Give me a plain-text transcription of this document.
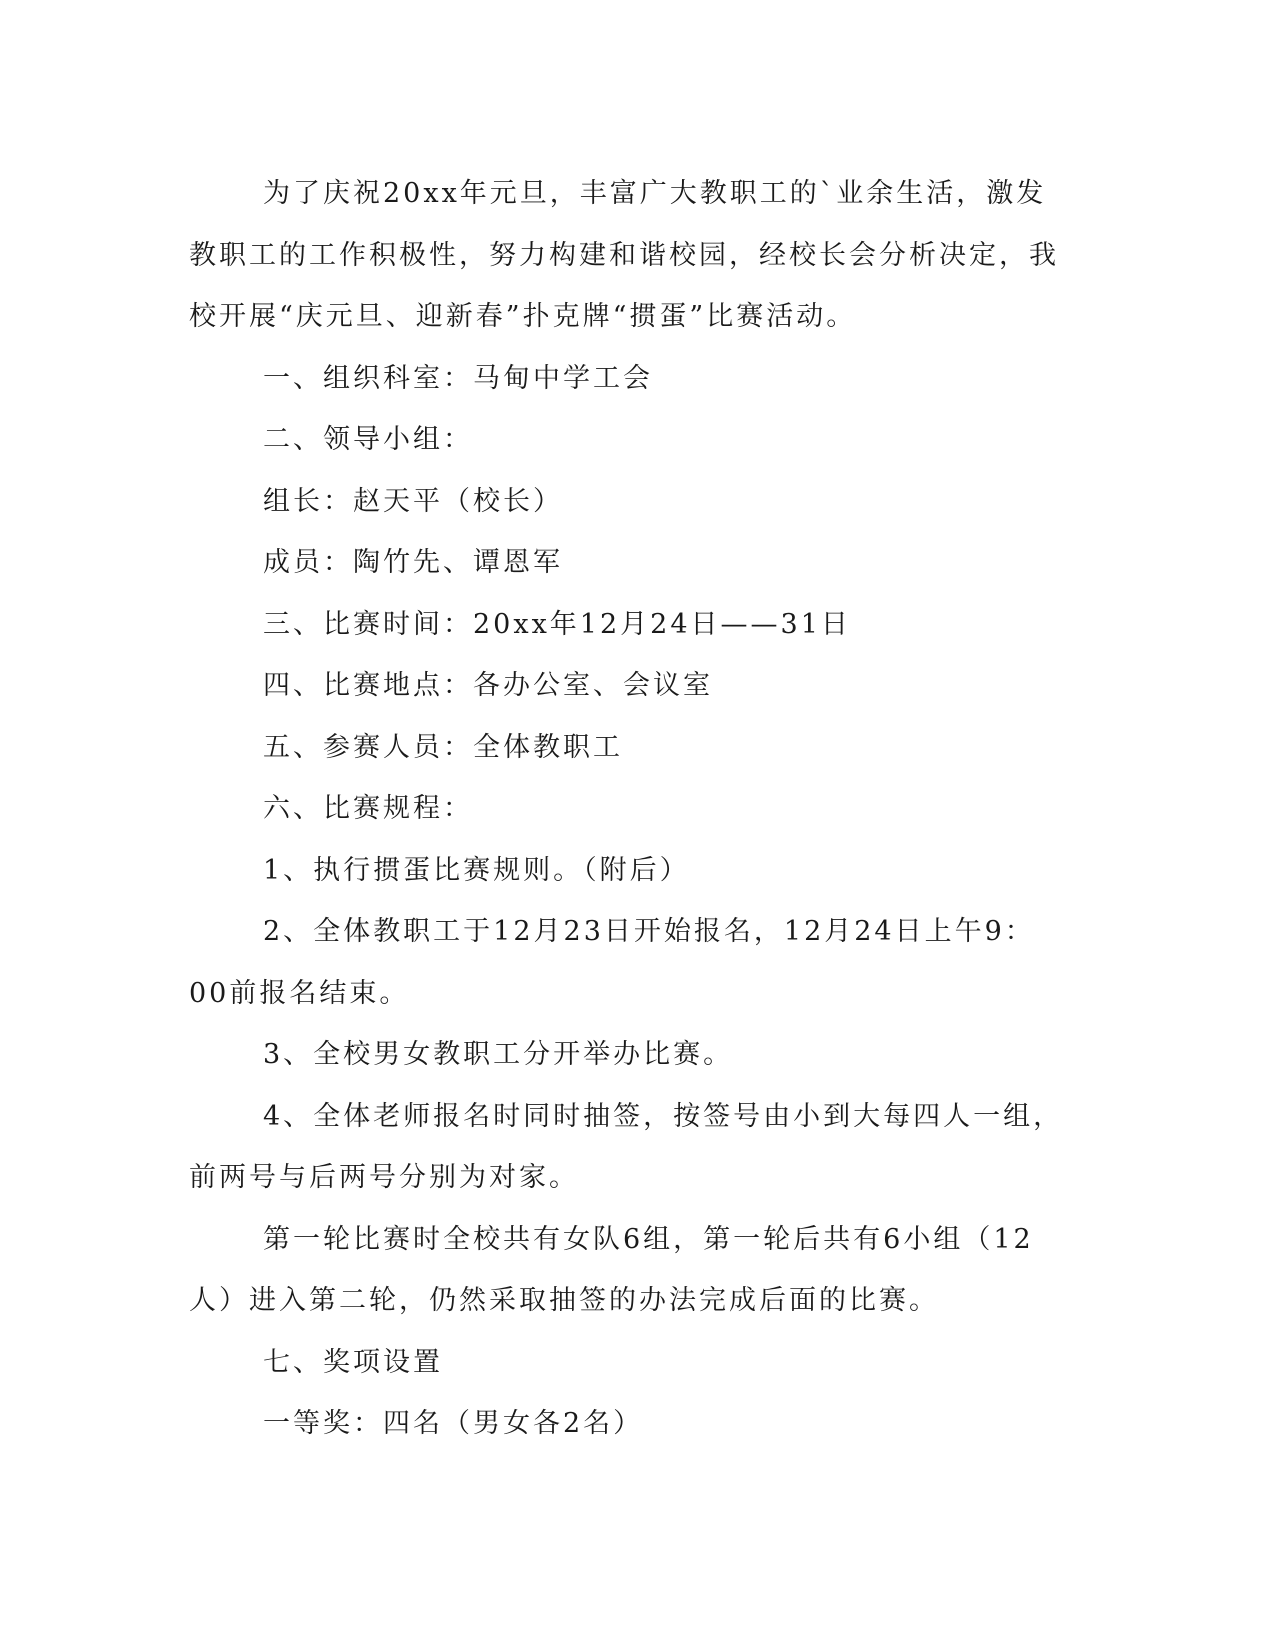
为了庆祝20xx年元旦，丰富广大教职工的`业余生活，激发教职工的工作积极性，努力构建和谐校园，经校长会分析决定，我校开展“庆元旦、迎新春”扑克牌“掼蛋”比赛活动。

一、组织科室：马甸中学工会

二、领导小组：

组长：赵天平（校长）

成员：陶竹先、谭恩军

三、比赛时间：20xx年12月24日——31日

四、比赛地点：各办公室、会议室

五、参赛人员：全体教职工

六、比赛规程：

1、执行掼蛋比赛规则。（附后）

2、全体教职工于12月23日开始报名，12月24日上午9：00前报名结束。

3、全校男女教职工分开举办比赛。

4、全体老师报名时同时抽签，按签号由小到大每四人一组，前两号与后两号分别为对家。

第一轮比赛时全校共有女队6组，第一轮后共有6小组（12人）进入第二轮，仍然采取抽签的办法完成后面的比赛。

七、奖项设置

一等奖：四名（男女各2名）
